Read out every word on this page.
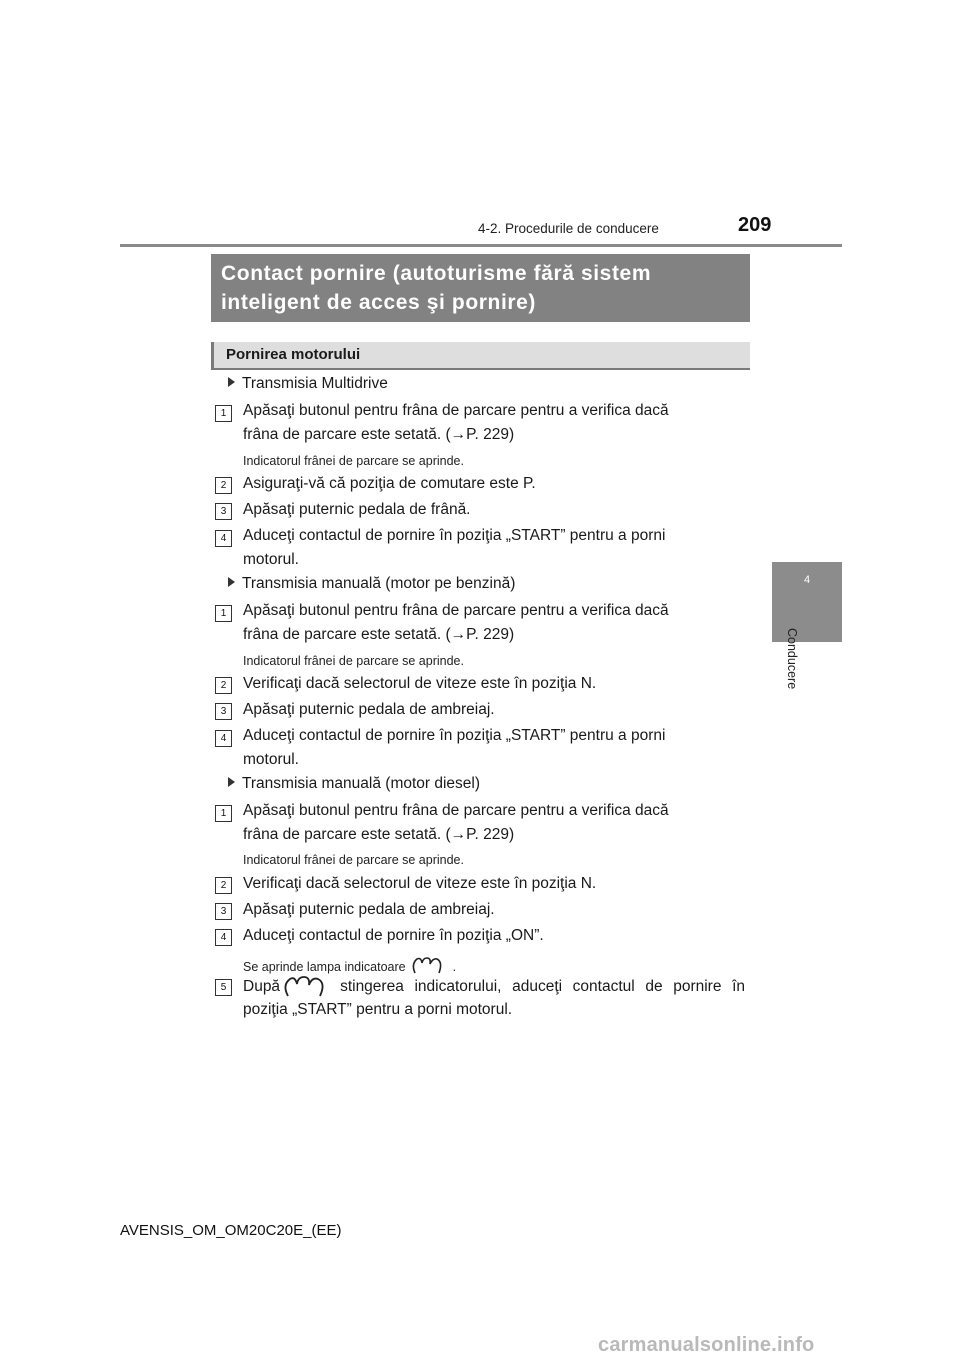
4-2. Procedurile de conducere	209
4
Conducere
Contact pornire (autoturisme fără sistem
inteligent de acces şi pornire)
Pornirea motorului
Transmisia Multidrive
1	Apăsaţi butonul pentru frâna de parcare pentru a verifica dacă
frâna de parcare este setată. (→P. 229)
Indicatorul frânei de parcare se aprinde.
2	Asiguraţi-vă că poziţia de comutare este P.
3	Apăsaţi puternic pedala de frână.
4	Aduceţi contactul de pornire în poziţia „START” pentru a porni
motorul.
Transmisia manuală (motor pe benzină)
1	Apăsaţi butonul pentru frâna de parcare pentru a verifica dacă
frâna de parcare este setată. (→P. 229)
Indicatorul frânei de parcare se aprinde.
2	Verificaţi dacă selectorul de viteze este în poziţia N.
3	Apăsaţi puternic pedala de ambreiaj.
4	Aduceţi contactul de pornire în poziţia „START” pentru a porni
motorul.
Transmisia manuală (motor diesel)
1	Apăsaţi butonul pentru frâna de parcare pentru a verifica dacă
frâna de parcare este setată. (→P. 229)
Indicatorul frânei de parcare se aprinde.
2	Verificaţi dacă selectorul de viteze este în poziţia N.
3	Apăsaţi puternic pedala de ambreiaj.
4	Aduceţi contactul de pornire în poziţia „ON”.
Se aprinde lampa indicatoare	.
5	După	stingerea indicatorului, aduceţi contactul de pornire în
poziţia „START” pentru a porni motorul.
AVENSIS_OM_OM20C20E_(EE)
carmanualsonline.info
